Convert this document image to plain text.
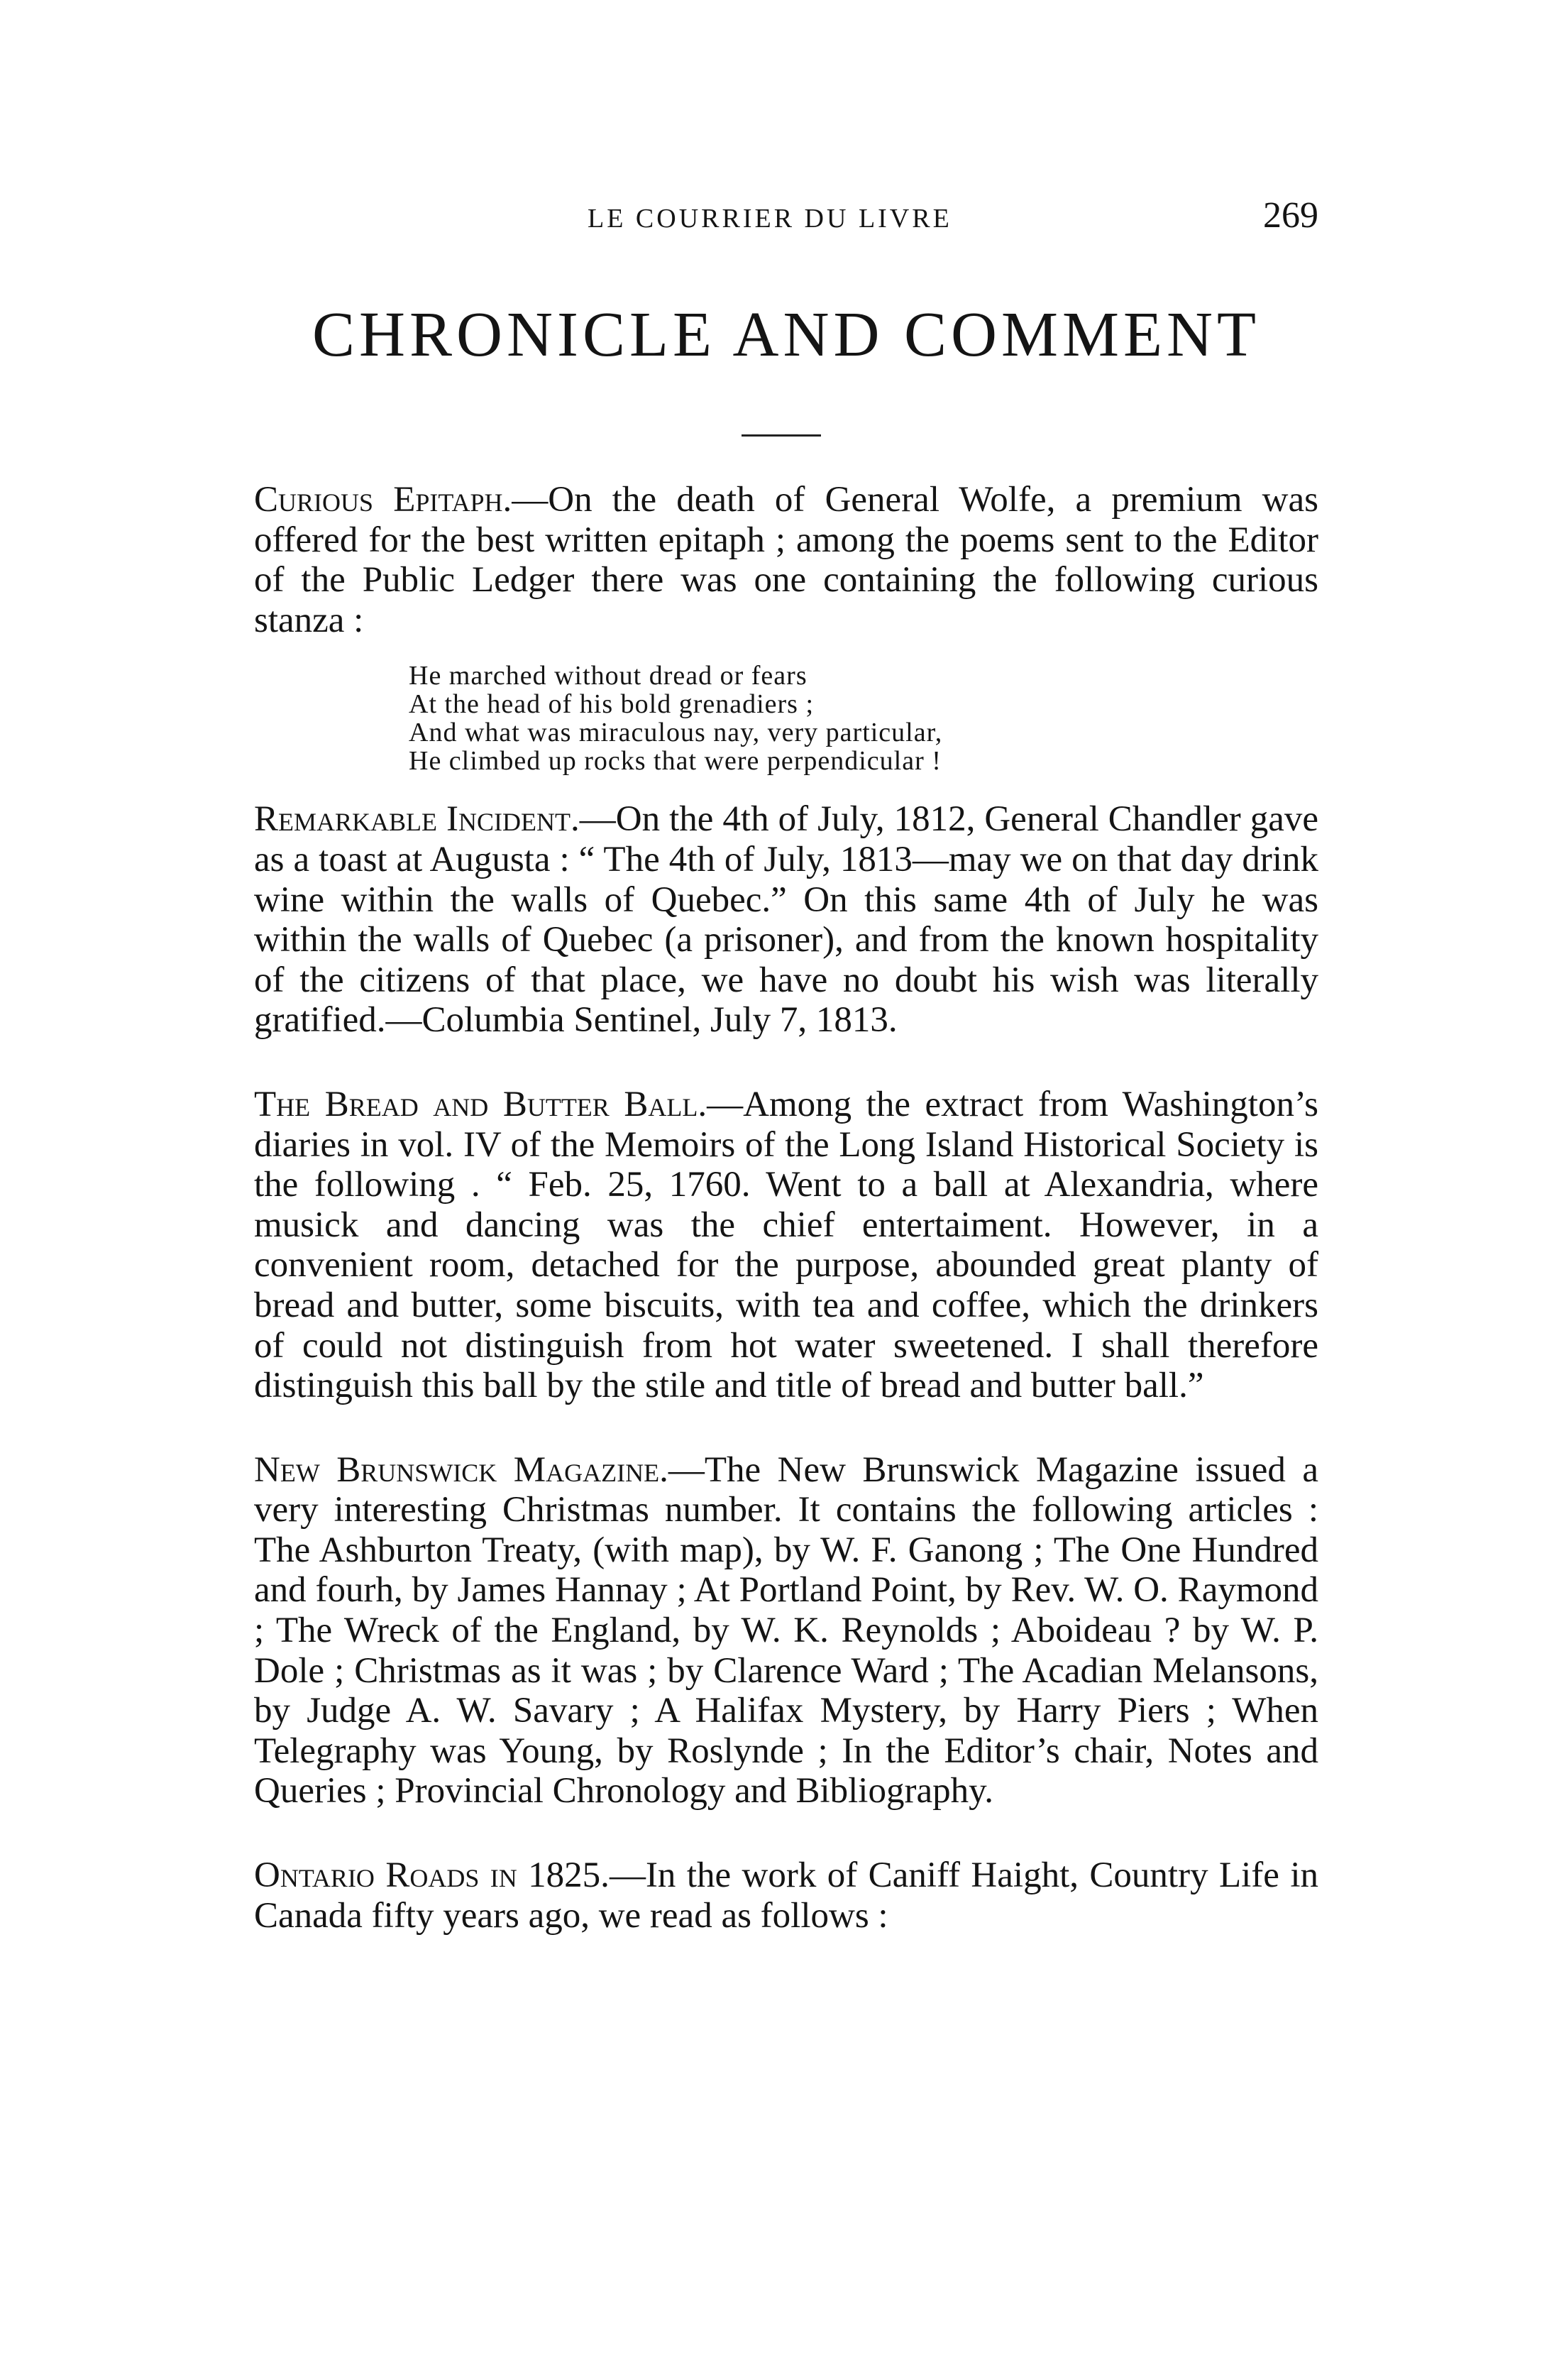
LE COURRIER DU LIVRE	269
CHRONICLE AND COMMENT

Curious Epitaph.—On the death of General Wolfe, a premium was offered for the best written epitaph ; among the poems sent to the Editor of the Public Ledger there was one containing the following curious stanza :

He marched without dread or fears
At the head of his bold grenadiers ;
And what was miraculous nay, very particular,
He climbed up rocks that were perpendicular !

Remarkable Incident.—On the 4th of July, 1812, General Chandler gave as a toast at Augusta : “ The 4th of July, 1813—may we on that day drink wine within the walls of Quebec.” On this same 4th of July he was within the walls of Quebec (a prisoner), and from the known hospitality of the citizens of that place, we have no doubt his wish was literally gratified.—Columbia Sentinel, July 7, 1813.

The Bread and Butter Ball.—Among the extract from Washington’s diaries in vol. IV of the Memoirs of the Long Island Historical Society is the following . “ Feb. 25, 1760. Went to a ball at Alexandria, where musick and dancing was the chief entertaiment. However, in a convenient room, detached for the purpose, abounded great planty of bread and butter, some biscuits, with tea and coffee, which the drinkers of could not distinguish from hot water sweetened. I shall therefore distinguish this ball by the stile and title of bread and butter ball.”

New Brunswick Magazine.—The New Brunswick Magazine issued a very interesting Christmas number. It contains the following articles : The Ashburton Treaty, (with map), by W. F. Ganong ; The One Hundred and fourh, by James Hannay ; At Portland Point, by Rev. W. O. Raymond ; The Wreck of the England, by W. K. Reynolds ; Aboideau ? by W. P. Dole ; Christmas as it was ; by Clarence Ward ; The Acadian Melansons, by Judge A. W. Savary ; A Halifax Mystery, by Harry Piers ; When Telegraphy was Young, by Roslynde ; In the Editor’s chair, Notes and Queries ; Provincial Chronology and Bibliography.

Ontario Roads in 1825.—In the work of Caniff Haight, Country Life in Canada fifty years ago, we read as follows :
